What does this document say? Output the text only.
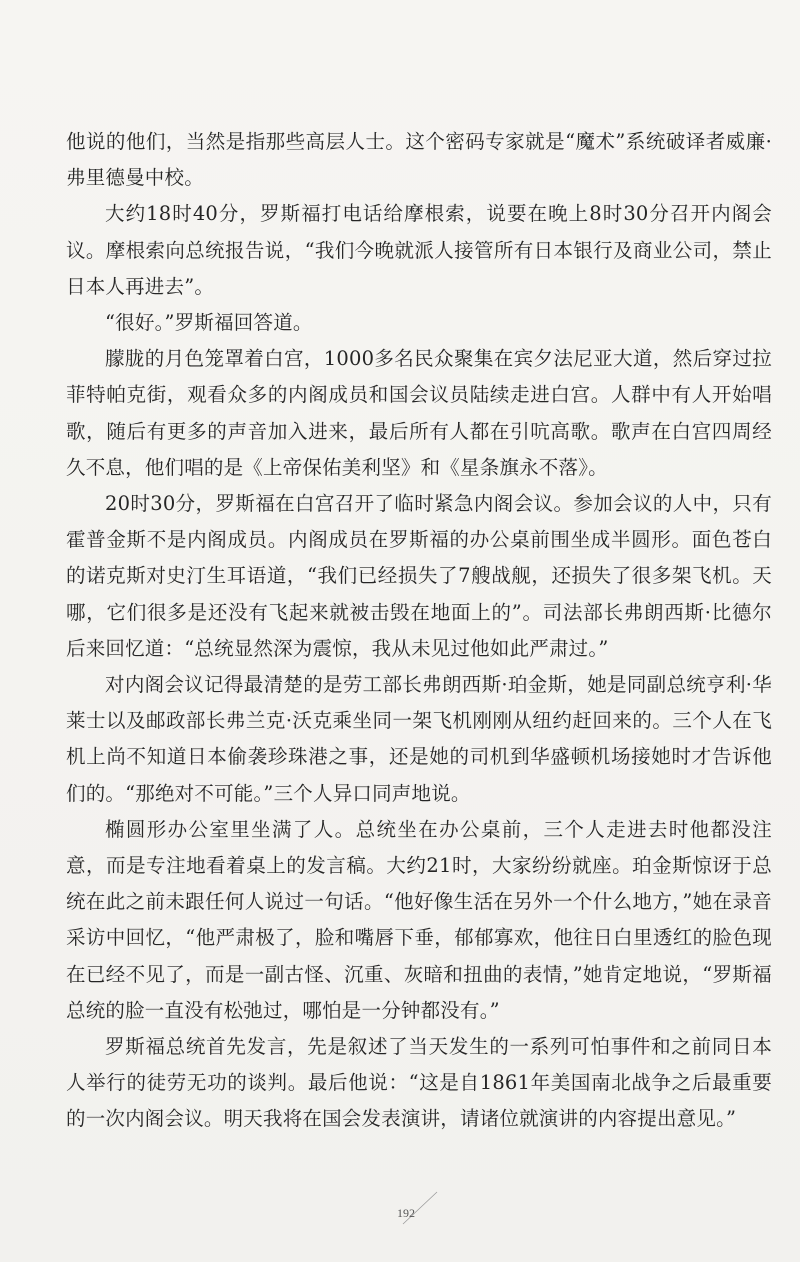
他说的他们，当然是指那些高层人士。这个密码专家就是“魔术”系统破译者威廉·弗里德曼中校。

大约18时40分，罗斯福打电话给摩根索，说要在晚上8时30分召开内阁会议。摩根索向总统报告说，“我们今晚就派人接管所有日本银行及商业公司，禁止日本人再进去”。

“很好。”罗斯福回答道。

朦胧的月色笼罩着白宫，1000多名民众聚集在宾夕法尼亚大道，然后穿过拉菲特帕克街，观看众多的内阁成员和国会议员陆续走进白宫。人群中有人开始唱歌，随后有更多的声音加入进来，最后所有人都在引吭高歌。歌声在白宫四周经久不息，他们唱的是《上帝保佑美利坚》和《星条旗永不落》。

20时30分，罗斯福在白宫召开了临时紧急内阁会议。参加会议的人中，只有霍普金斯不是内阁成员。内阁成员在罗斯福的办公桌前围坐成半圆形。面色苍白的诺克斯对史汀生耳语道，“我们已经损失了7艘战舰，还损失了很多架飞机。天哪，它们很多是还没有飞起来就被击毁在地面上的”。司法部长弗朗西斯·比德尔后来回忆道：“总统显然深为震惊，我从未见过他如此严肃过。”

对内阁会议记得最清楚的是劳工部长弗朗西斯·珀金斯，她是同副总统亨利·华莱士以及邮政部长弗兰克·沃克乘坐同一架飞机刚刚从纽约赶回来的。三个人在飞机上尚不知道日本偷袭珍珠港之事，还是她的司机到华盛顿机场接她时才告诉他们的。“那绝对不可能。”三个人异口同声地说。

椭圆形办公室里坐满了人。总统坐在办公桌前，三个人走进去时他都没注意，而是专注地看着桌上的发言稿。大约21时，大家纷纷就座。珀金斯惊讶于总统在此之前未跟任何人说过一句话。“他好像生活在另外一个什么地方，”她在录音采访中回忆，“他严肃极了，脸和嘴唇下垂，郁郁寡欢，他往日白里透红的脸色现在已经不见了，而是一副古怪、沉重、灰暗和扭曲的表情，”她肯定地说，“罗斯福总统的脸一直没有松弛过，哪怕是一分钟都没有。”

罗斯福总统首先发言，先是叙述了当天发生的一系列可怕事件和之前同日本人举行的徒劳无功的谈判。最后他说：“这是自1861年美国南北战争之后最重要的一次内阁会议。明天我将在国会发表演讲，请诸位就演讲的内容提出意见。”

192
